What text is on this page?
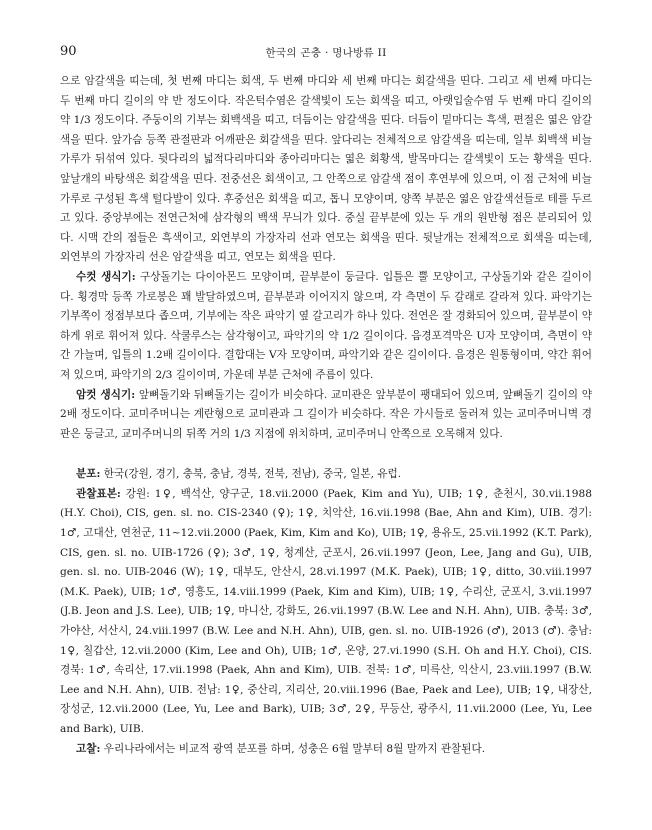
90	한국의 곤충 · 명나방류 II

으로 암갈색을 띠는데, 첫 번째 마디는 회색, 두 번째 마디와 세 번째 마디는 회갈색을 띤다. 그리고 세 번째 마디는 두 번째 마디 길이의 약 반 정도이다. 작은턱수염은 갈색빛이 도는 회색을 띠고, 아랫입술수염 두 번째 마디 길이의 약 1/3 정도이다. 주둥이의 기부는 회백색을 띠고, 더듬이는 암갈색을 띤다. 더듬이 밑마디는 흑색, 편절은 엷은 암갈색을 띤다. 앞가슴 등쪽 관절판과 어깨판은 회갈색을 띤다. 앞다리는 전체적으로 암갈색을 띠는데, 일부 회백색 비늘가루가 뒤섞여 있다. 뒷다리의 넓적다리마디와 종아리마디는 엷은 회황색, 발목마디는 갈색빛이 도는 황색을 띤다. 앞날개의 바탕색은 회갈색을 띤다. 전중선은 회색이고, 그 안쪽으로 암갈색 점이 후연부에 있으며, 이 점 근처에 비늘가루로 구성된 흑색 털다발이 있다. 후중선은 회색을 띠고, 톱니 모양이며, 양쪽 부분은 엷은 암갈색선들로 테를 두르고 있다. 중앙부에는 전연근처에 삼각형의 백색 무늬가 있다. 중실 끝부분에 있는 두 개의 원반형 점은 분리되어 있다. 시맥 간의 점들은 흑색이고, 외연부의 가장자리 선과 연모는 회색을 띤다. 뒷날개는 전체적으로 회색을 띠는데, 외연부의 가장자리 선은 암갈색을 띠고, 연모는 회색을 띤다.

수컷 생식기: 구상돌기는 다이아몬드 모양이며, 끝부분이 둥글다. 입틀은 뿔 모양이고, 구상돌기와 같은 길이이다. 횡경막 등쪽 가로봉은 꽤 발달하였으며, 끝부분과 이어지지 않으며, 각 측면이 두 갈래로 갈라져 있다. 파악기는 기부쪽이 정점부보다 좁으며, 기부에는 작은 파악기 옆 갈고리가 하나 있다. 전연은 잘 경화되어 있으며, 끝부분이 약하게 위로 휘어져 있다. 삭쿨루스는 삼각형이고, 파악기의 약 1/2 길이이다. 음경포격막은 U자 모양이며, 측면이 약간 가늘며, 입틀의 1.2배 길이이다. 결합대는 V자 모양이며, 파악기와 같은 길이이다. 음경은 원통형이며, 약간 휘어져 있으며, 파악기의 2/3 길이이며, 가운데 부분 근처에 주름이 있다.

암컷 생식기: 앞뼈돌기와 뒤뼈돌기는 길이가 비슷하다. 교미관은 앞부분이 팽대되어 있으며, 앞뼈돌기 길이의 약 2배 정도이다. 교미주머니는 계란형으로 교미관과 그 길이가 비슷하다. 작은 가시들로 둘러져 있는 교미주머니벽 경판은 둥글고, 교미주머니의 뒤쪽 거의 1/3 지점에 위치하며, 교미주머니 안쪽으로 오목해져 있다.

분포: 한국(강원, 경기, 충북, 충남, 경북, 전북, 전남), 중국, 일본, 유럽.

관찰표본: 강원: 1♀, 백석산, 양구군, 18.vii.2000 (Paek, Kim and Yu), UIB; 1♀, 춘천시, 30.vii.1988 (H.Y. Choi), CIS, gen. sl. no. CIS-2340 (♀); 1♀, 치악산, 16.vii.1998 (Bae, Ahn and Kim), UIB. 경기: 1♂, 고대산, 연천군, 11~12.vii.2000 (Paek, Kim, Kim and Ko), UIB; 1♀, 용유도, 25.vii.1992 (K.T. Park), CIS, gen. sl. no. UIB-1726 (♀); 3♂, 1♀, 청계산, 군포시, 26.vii.1997 (Jeon, Lee, Jang and Gu), UIB, gen. sl. no. UIB-2046 (W); 1♀, 대부도, 안산시, 28.vi.1997 (M.K. Paek), UIB; 1♀, ditto, 30.viii.1997 (M.K. Paek), UIB; 1♂, 영흥도, 14.viii.1999 (Paek, Kim and Kim), UIB; 1♀, 수리산, 군포시, 3.vii.1997 (J.B. Jeon and J.S. Lee), UIB; 1♀, 마니산, 강화도, 26.vii.1997 (B.W. Lee and N.H. Ahn), UIB. 충북: 3♂, 가야산, 서산시, 24.viii.1997 (B.W. Lee and N.H. Ahn), UIB, gen. sl. no. UIB-1926 (♂), 2013 (♂). 충남: 1♀, 칠갑산, 12.vii.2000 (Kim, Lee and Oh), UIB; 1♂, 온양, 27.vi.1990 (S.H. Oh and H.Y. Choi), CIS. 경북: 1♂, 속리산, 17.vii.1998 (Paek, Ahn and Kim), UIB. 전북: 1♂, 미륵산, 익산시, 23.viii.1997 (B.W. Lee and N.H. Ahn), UIB. 전남: 1♀, 중산리, 지리산, 20.viii.1996 (Bae, Paek and Lee), UIB; 1♀, 내장산, 장성군, 12.vii.2000 (Lee, Yu, Lee and Bark), UIB; 3♂, 2♀, 무등산, 광주시, 11.vii.2000 (Lee, Yu, Lee and Bark), UIB.

고찰: 우리나라에서는 비교적 광역 분포를 하며, 성충은 6월 말부터 8월 말까지 관찰된다.
